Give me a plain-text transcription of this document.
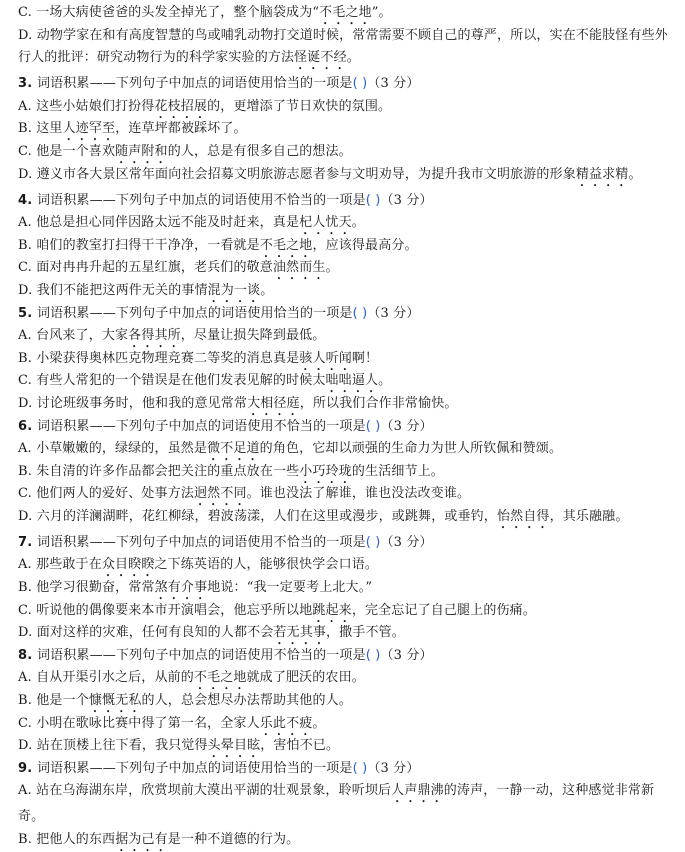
C. 一场大病使爸爸的头发全掉光了，整个脑袋成为“不毛之地”。
D. 动物学家在和有高度智慧的鸟或哺乳动物打交道时候，常常需要不顾自己的尊严，所以，实在不能肢怪有些外行人的批评：研究动物行为的科学家实验的方法怪诞不经。
3. 词语积累——下列句子中加点的词语使用恰当的一项是( )（3 分）
A. 这些小姑娘们打扮得花枝招展的，更增添了节日欢快的氛围。
B. 这里人迹罕至，连草坪都被踩坏了。
C. 他是一个喜欢随声附和的人，总是有很多自己的想法。
D. 遵义市各大景区常年面向社会招募文明旅游志愿者参与文明劝导，为提升我市文明旅游的形象精益求精。
4. 词语积累——下列句子中加点的词语使用不恰当的一项是( )（3 分）
A. 他总是担心同伴因路太远不能及时赶来，真是杞人忧天。
B. 咱们的教室打扫得干干净净，一看就是不毛之地，应该得最高分。
C. 面对冉冉升起的五星红旗，老兵们的敬意油然而生。
D. 我们不能把这两件无关的事情混为一谈。
5. 词语积累——下列句子中加点的词语使用恰当的一项是( )（3 分）
A. 台风来了，大家各得其所，尽量让损失降到最低。
B. 小梁获得奥林匹克物理竞赛二等奖的消息真是骇人听闻啊！
C. 有些人常犯的一个错误是在他们发表见解的时候太咄咄逼人。
D. 讨论班级事务时，他和我的意见常常大相径庭，所以我们合作非常愉快。
6. 词语积累——下列句子中加点的词语使用不恰当的一项是( )（3 分）
A. 小草嫩嫩的，绿绿的，虽然是微不足道的角色，它却以顽强的生命力为世人所钦佩和赞颂。
B. 朱自清的许多作品都会把关注的重点放在一些小巧玲珑的生活细节上。
C. 他们两人的爱好、处事方法迥然不同。谁也没法了解谁，谁也没法改变谁。
D. 六月的洋澜湖畔，花红柳绿，碧波荡漾，人们在这里或漫步，或跳舞，或垂钓，怡然自得，其乐融融。
7. 词语积累——下列句子中加点的词语使用不恰当的一项是( )（3 分）
A. 那些敢于在众目睽睽之下练英语的人，能够很快学会口语。
B. 他学习很勤奋，常常煞有介事地说：“我一定要考上北大。”
C. 听说他的偶像要来本市开演唱会，他忘乎所以地跳起来，完全忘记了自己腿上的伤痛。
D. 面对这样的灾难，任何有良知的人都不会若无其事，撒手不管。
8. 词语积累——下列句子中加点的词语使用不恰当的一项是( )（3 分）
A. 自从开渠引水之后，从前的不毛之地就成了肥沃的农田。
B. 他是一个慷慨无私的人，总会想尽办法帮助其他的人。
C. 小明在歌咏比赛中得了第一名，全家人乐此不疲。
D. 站在顶楼上往下看，我只觉得头晕目眩，害怕不已。
9. 词语积累——下列句子中加点的词语使用恰当的一项是( )（3 分）
A. 站在乌海湖东岸，欣赏坝前大漠出平湖的壮观景象，聆听坝后人声鼎沸的涛声，一静一动，这种感觉非常新奇。
B. 把他人的东西据为己有是一种不道德的行为。
